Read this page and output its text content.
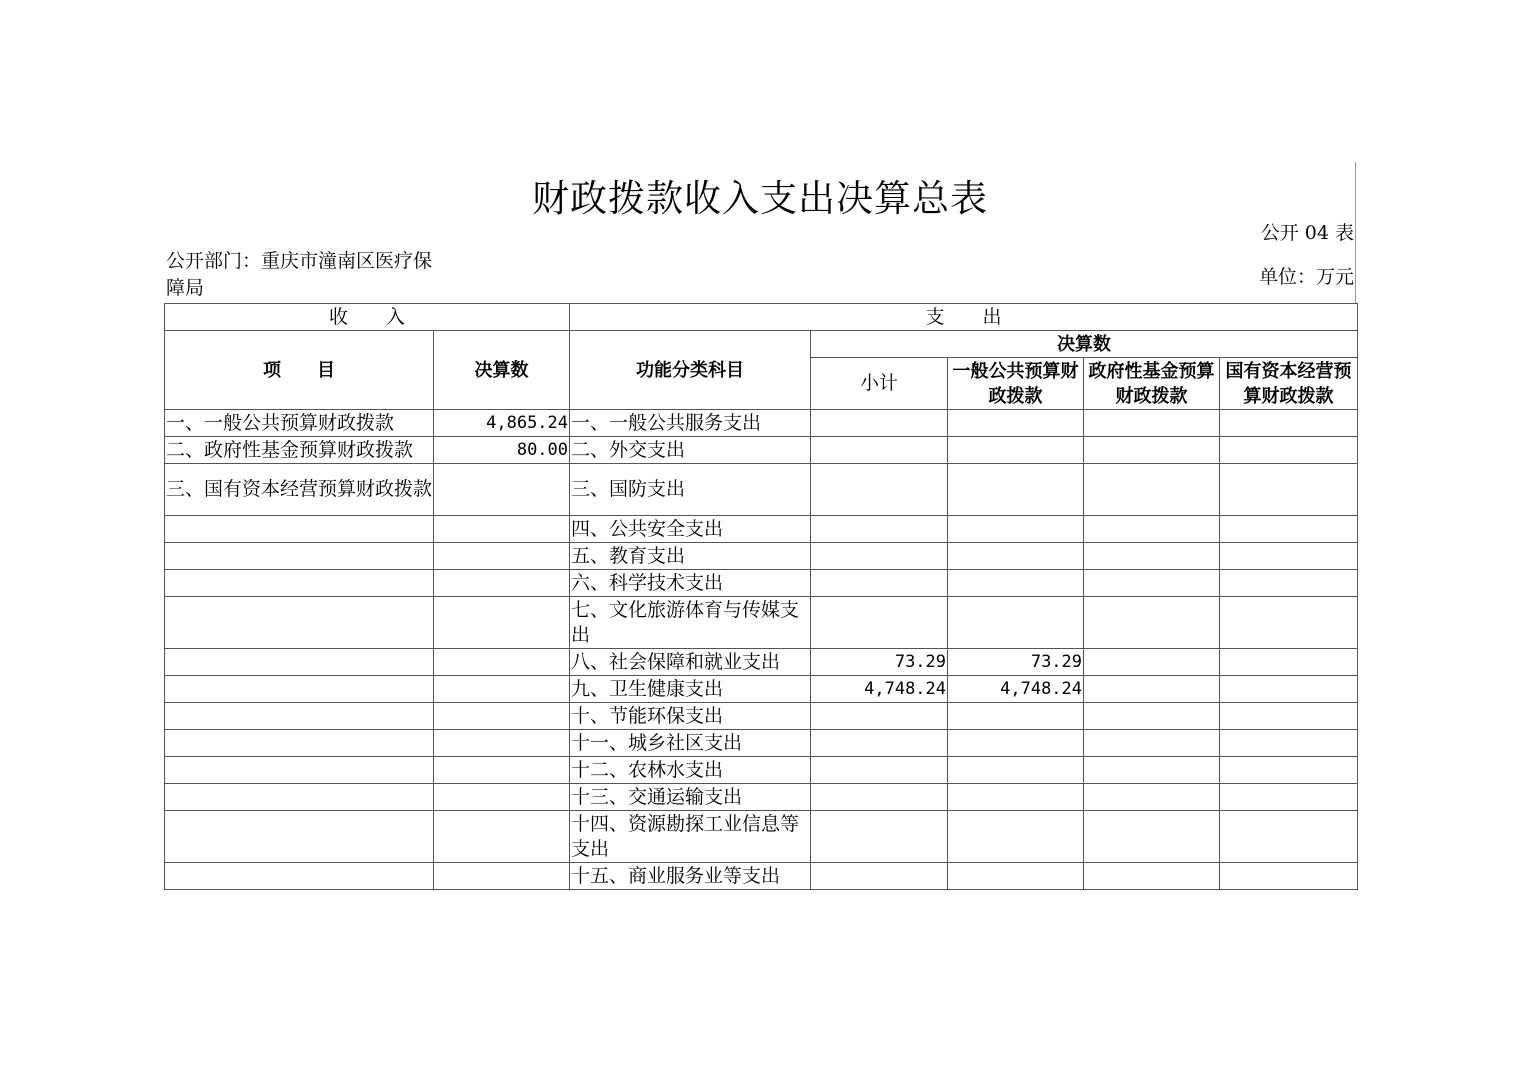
财政拨款收入支出决算总表
公开 04 表
公开部门：重庆市潼南区医疗保障局	单位：万元
收　　入		支　　出				
项　　目	决算数	功能分类科目	决算数			
			小计	一般公共预算财政拨款	政府性基金预算财政拨款	国有资本经营预算财政拨款
一、一般公共预算财政拨款	4,865.24	一、一般公共服务支出				
二、政府性基金预算财政拨款	80.00	二、外交支出				
三、国有资本经营预算财政拨款		三、国防支出				
		四、公共安全支出				
		五、教育支出				
		六、科学技术支出				
		七、文化旅游体育与传媒支出				
		八、社会保障和就业支出	73.29	73.29		
		九、卫生健康支出	4,748.24	4,748.24		
		十、节能环保支出				
		十一、城乡社区支出				
		十二、农林水支出				
		十三、交通运输支出				
		十四、资源勘探工业信息等支出				
		十五、商业服务业等支出				
